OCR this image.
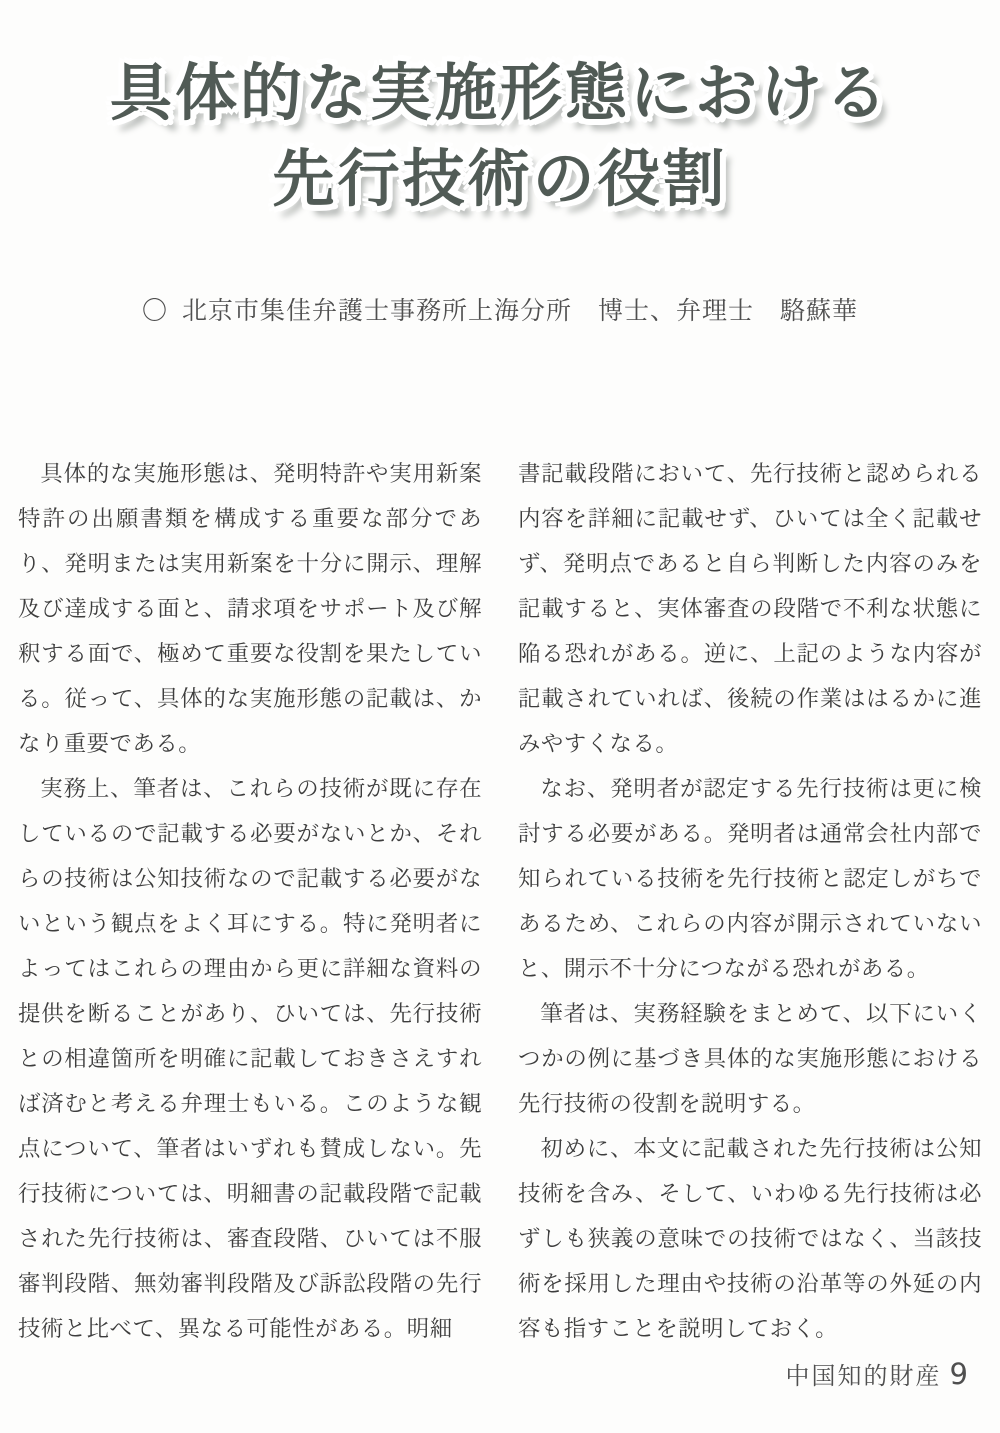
具体的な実施形態における
先行技術の役割
〇 北京市集佳弁護士事務所上海分所　博士、弁理士　駱蘇華

具体的な実施形態は、発明特許や実用新案特許の出願書類を構成する重要な部分であり、発明または実用新案を十分に開示、理解及び達成する面と、請求項をサポート及び解釈する面で、極めて重要な役割を果たしている。従って、具体的な実施形態の記載は、かなり重要である。

実務上、筆者は、これらの技術が既に存在しているので記載する必要がないとか、それらの技術は公知技術なので記載する必要がないという観点をよく耳にする。特に発明者によってはこれらの理由から更に詳細な資料の提供を断ることがあり、ひいては、先行技術との相違箇所を明確に記載しておきさえすれば済むと考える弁理士もいる。このような観点について、筆者はいずれも賛成しない。先行技術については、明細書の記載段階で記載された先行技術は、審査段階、ひいては不服審判段階、無効審判段階及び訴訟段階の先行技術と比べて、異なる可能性がある。明細

書記載段階において、先行技術と認められる内容を詳細に記載せず、ひいては全く記載せず、発明点であると自ら判断した内容のみを記載すると、実体審査の段階で不利な状態に陥る恐れがある。逆に、上記のような内容が記載されていれば、後続の作業ははるかに進みやすくなる。

なお、発明者が認定する先行技術は更に検討する必要がある。発明者は通常会社内部で知られている技術を先行技術と認定しがちであるため、これらの内容が開示されていないと、開示不十分につながる恐れがある。

筆者は、実務経験をまとめて、以下にいくつかの例に基づき具体的な実施形態における先行技術の役割を説明する。

初めに、本文に記載された先行技術は公知技術を含み、そして、いわゆる先行技術は必ずしも狭義の意味での技術ではなく、当該技術を採用した理由や技術の沿革等の外延の内容も指すことを説明しておく。

中国知的財産 9
